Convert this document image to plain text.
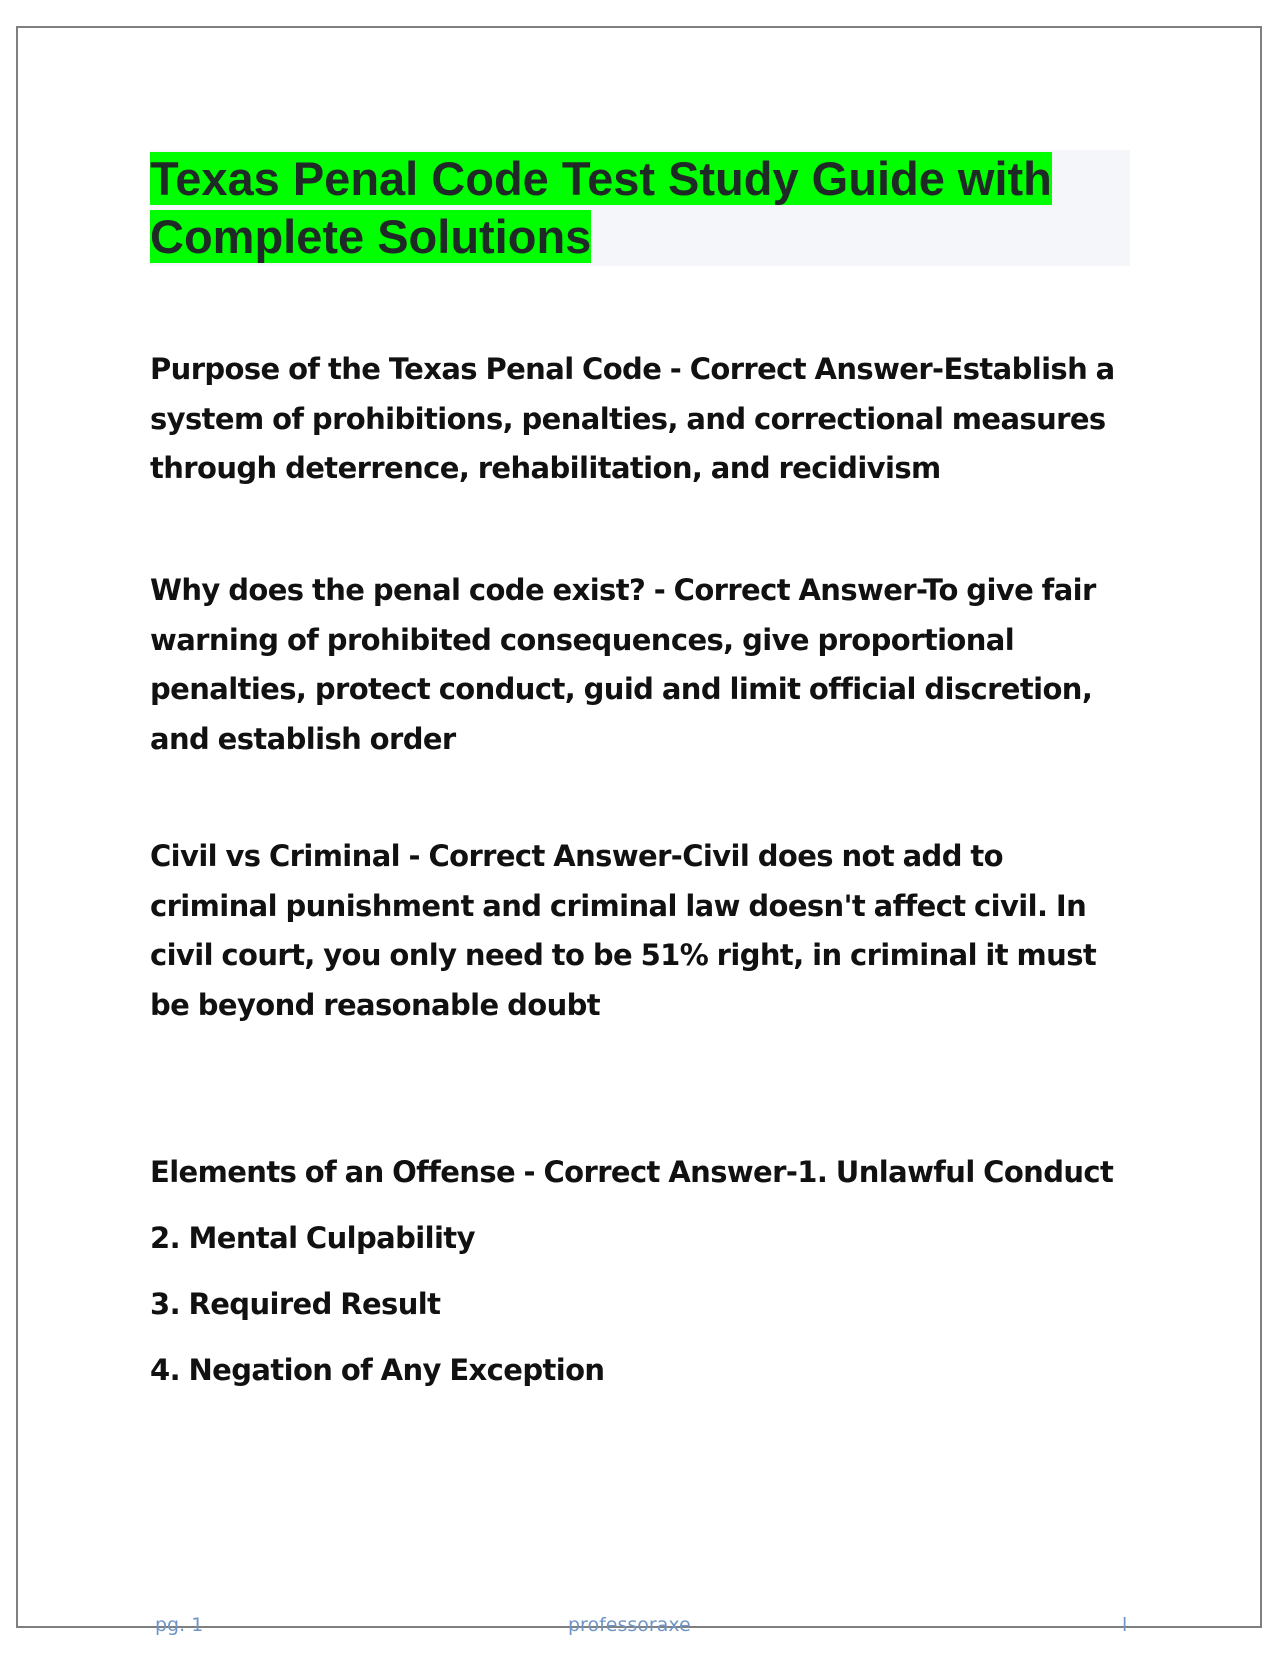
Texas Penal Code Test Study Guide with Complete Solutions

Purpose of the Texas Penal Code - Correct Answer-Establish a system of prohibitions, penalties, and correctional measures through deterrence, rehabilitation, and recidivism

Why does the penal code exist? - Correct Answer-To give fair warning of prohibited consequences, give proportional penalties, protect conduct, guid and limit official discretion, and establish order

Civil vs Criminal - Correct Answer-Civil does not add to criminal punishment and criminal law doesn't affect civil. In civil court, you only need to be 51% right, in criminal it must be beyond reasonable doubt

Elements of an Offense - Correct Answer-1. Unlawful Conduct

2. Mental Culpability

3. Required Result

4. Negation of Any Exception

pg. 1	professoraxe	l
